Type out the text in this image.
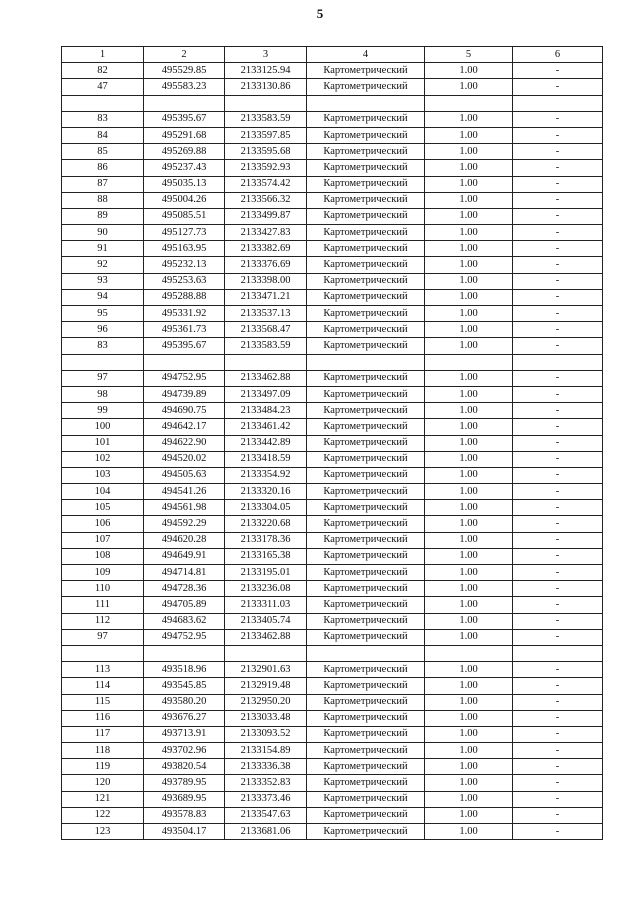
5
1	2	3	4	5	6
82	495529.85	2133125.94	Картометрический	1.00	-
47	495583.23	2133130.86	Картометрический	1.00	-

83	495395.67	2133583.59	Картометрический	1.00	-
84	495291.68	2133597.85	Картометрический	1.00	-
85	495269.88	2133595.68	Картометрический	1.00	-
86	495237.43	2133592.93	Картометрический	1.00	-
87	495035.13	2133574.42	Картометрический	1.00	-
88	495004.26	2133566.32	Картометрический	1.00	-
89	495085.51	2133499.87	Картометрический	1.00	-
90	495127.73	2133427.83	Картометрический	1.00	-
91	495163.95	2133382.69	Картометрический	1.00	-
92	495232.13	2133376.69	Картометрический	1.00	-
93	495253.63	2133398.00	Картометрический	1.00	-
94	495288.88	2133471.21	Картометрический	1.00	-
95	495331.92	2133537.13	Картометрический	1.00	-
96	495361.73	2133568.47	Картометрический	1.00	-
83	495395.67	2133583.59	Картометрический	1.00	-

97	494752.95	2133462.88	Картометрический	1.00	-
98	494739.89	2133497.09	Картометрический	1.00	-
99	494690.75	2133484.23	Картометрический	1.00	-
100	494642.17	2133461.42	Картометрический	1.00	-
101	494622.90	2133442.89	Картометрический	1.00	-
102	494520.02	2133418.59	Картометрический	1.00	-
103	494505.63	2133354.92	Картометрический	1.00	-
104	494541.26	2133320.16	Картометрический	1.00	-
105	494561.98	2133304.05	Картометрический	1.00	-
106	494592.29	2133220.68	Картометрический	1.00	-
107	494620.28	2133178.36	Картометрический	1.00	-
108	494649.91	2133165.38	Картометрический	1.00	-
109	494714.81	2133195.01	Картометрический	1.00	-
110	494728.36	2133236.08	Картометрический	1.00	-
111	494705.89	2133311.03	Картометрический	1.00	-
112	494683.62	2133405.74	Картометрический	1.00	-
97	494752.95	2133462.88	Картометрический	1.00	-

113	493518.96	2132901.63	Картометрический	1.00	-
114	493545.85	2132919.48	Картометрический	1.00	-
115	493580.20	2132950.20	Картометрический	1.00	-
116	493676.27	2133033.48	Картометрический	1.00	-
117	493713.91	2133093.52	Картометрический	1.00	-
118	493702.96	2133154.89	Картометрический	1.00	-
119	493820.54	2133336.38	Картометрический	1.00	-
120	493789.95	2133352.83	Картометрический	1.00	-
121	493689.95	2133373.46	Картометрический	1.00	-
122	493578.83	2133547.63	Картометрический	1.00	-
123	493504.17	2133681.06	Картометрический	1.00	-
